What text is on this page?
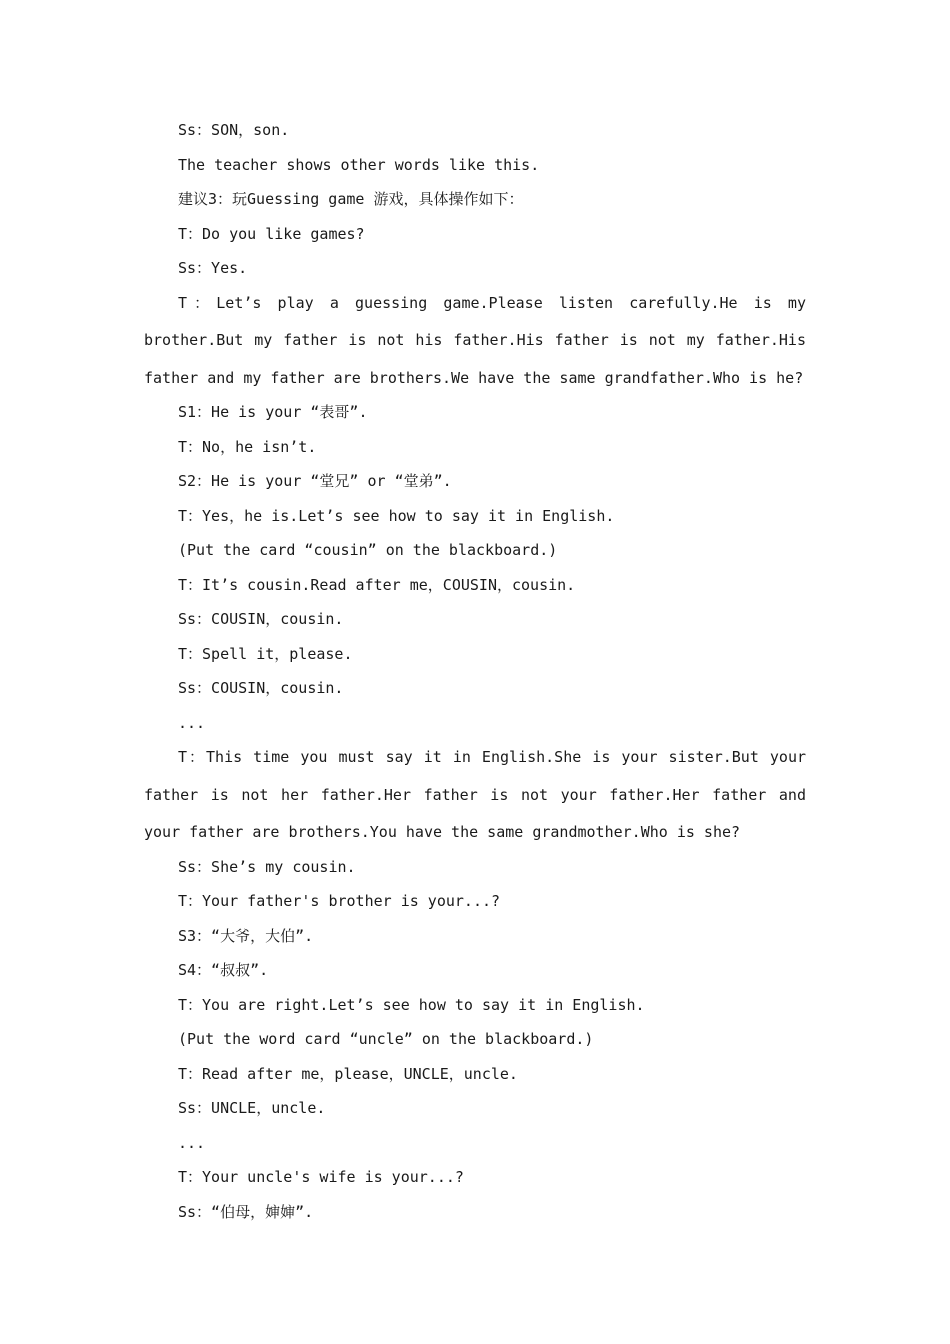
Ss：SON，son.

The teacher shows other words like this.

建议3：玩Guessing game 游戏，具体操作如下：

T：Do you like games?

Ss：Yes.

T：Let’s play a guessing game.Please listen carefully.He is my brother.But my father is not his father.His father is not my father.His father and my father are brothers.We have the same grandfather.Who is he?

S1：He is your “表哥”.

T：No，he isn’t.

S2：He is your “堂兄” or “堂弟”.

T：Yes，he is.Let’s see how to say it in English.

(Put the card “cousin” on the blackboard.)

T：It’s cousin.Read after me，COUSIN，cousin.

Ss：COUSIN，cousin.

T：Spell it，please.

Ss：COUSIN，cousin.

...

T：This time you must say it in English.She is your sister.But your father is not her father.Her father is not your father.Her father and your father are brothers.You have the same grandmother.Who is she?

Ss：She’s my cousin.

T：Your father's brother is your...?

S3：“大爷，大伯”.

S4：“叔叔”.

T：You are right.Let’s see how to say it in English.

(Put the word card “uncle” on the blackboard.)

T：Read after me，please，UNCLE，uncle.

Ss：UNCLE，uncle.

...

T：Your uncle's wife is your...?

Ss：“伯母，婶婶”.
